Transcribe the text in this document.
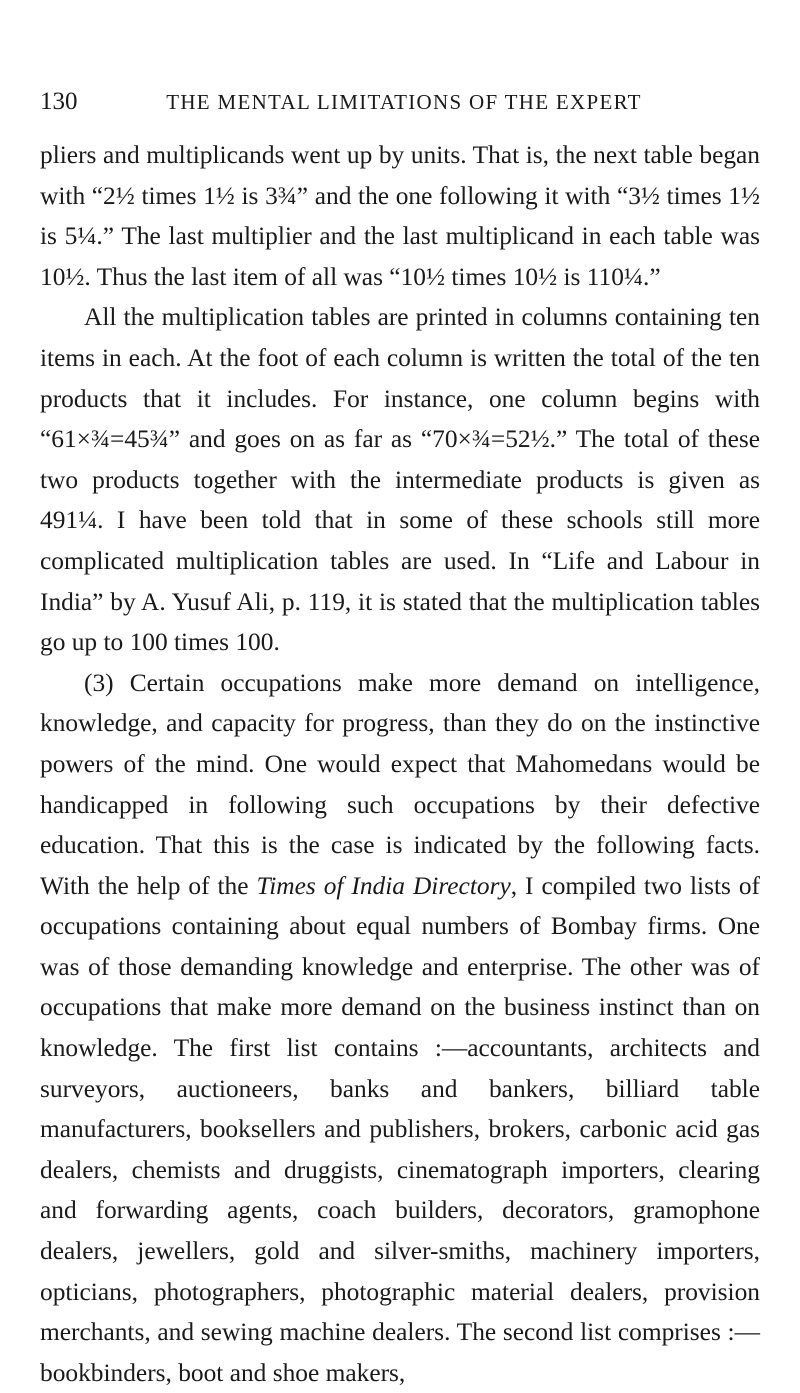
130	THE MENTAL LIMITATIONS OF THE EXPERT

pliers and multiplicands went up by units. That is, the next table began with “2½ times 1½ is 3¾” and the one following it with “3½ times 1½ is 5¼.” The last multiplier and the last multiplicand in each table was 10½. Thus the last item of all was “10½ times 10½ is 110¼.”

All the multiplication tables are printed in columns containing ten items in each. At the foot of each column is written the total of the ten products that it includes. For instance, one column begins with “61×¾=45¾” and goes on as far as “70×¾=52½.” The total of these two products together with the intermediate products is given as 491¼. I have been told that in some of these schools still more complicated multiplication tables are used. In “Life and Labour in India” by A. Yusuf Ali, p. 119, it is stated that the multiplication tables go up to 100 times 100.

(3) Certain occupations make more demand on intelligence, knowledge, and capacity for progress, than they do on the instinctive powers of the mind. One would expect that Mahomedans would be handicapped in following such occupations by their defective education. That this is the case is indicated by the following facts. With the help of the Times of India Directory, I compiled two lists of occupations containing about equal numbers of Bombay firms. One was of those demanding knowledge and enterprise. The other was of occupations that make more demand on the business instinct than on knowledge. The first list contains :—accountants, architects and surveyors, auctioneers, banks and bankers, billiard table manufacturers, booksellers and publishers, brokers, carbonic acid gas dealers, chemists and druggists, cinematograph importers, clearing and forwarding agents, coach builders, decorators, gramophone dealers, jewellers, gold and silver-smiths, machinery importers, opticians, photographers, photographic material dealers, provision merchants, and sewing machine dealers. The second list comprises :—bookbinders, boot and shoe makers,
